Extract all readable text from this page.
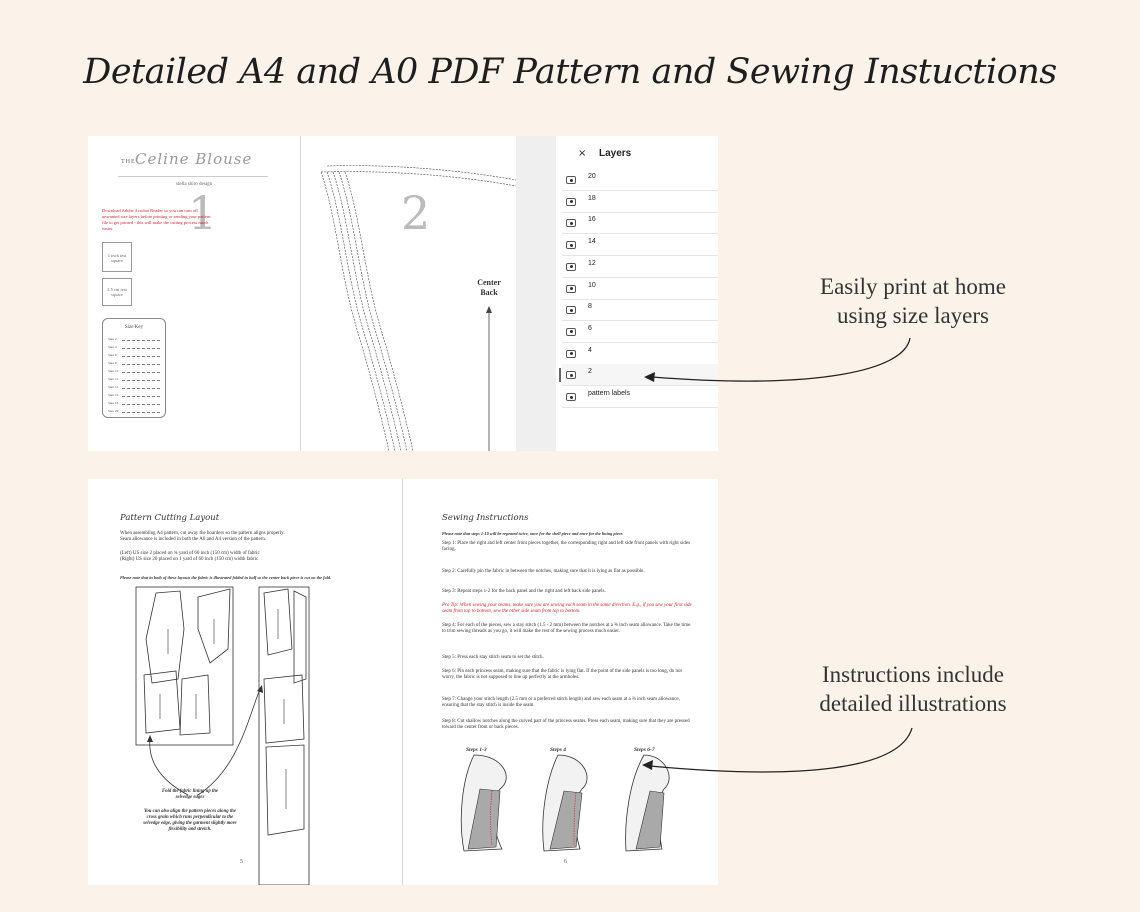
Detailed A4 and A0 PDF Pattern and Sewing Instuctions
THE Celine Blouse
stella shiro design
1
Download Adobe Acrobat Reader so you can turn off unwanted size layers before printing or sending your pattern file to get printed - this will make the cutting process much easier.
1 inch test square
2.5 cm test square
Size Key
Size 2
Size 4
Size 6
Size 8
Size 10
Size 12
Size 14
Size 16
Size 18
Size 20
2
Center Back
× Layers
20
18
16
14
12
10
8
6
4
2
pattern labels
Pattern Cutting Layout
When assembling A4 pattern, cut away the boarders so the pattern aligns properly.
Seam allowance is included in both the A0 and A4 version of the pattern.
(Left) US size 2 placed on ¾ yard of 60 inch (150 cm) width of fabric
(Right) US size 20 placed on 1 yard of 60 inch (150 cm) width fabric
Please note that in both of these layouts the fabric is illustrated folded in half so the center back piece is cut on the fold.
Fold the fabric lining up the selvedge edges
You can also align the pattern pieces along the cross grain which runs perpendicular to the selvedge edge, giving the garment slightly more flexibility and stretch.
5
Sewing Instructions
Please note that steps 1-10 will be repeated twice, once for the shell piece and once for the lining piece.
Step 1: Place the right and left center front pieces together, the corresponding right and left side front panels with right sides facing.
Step 2: Carefully pin the fabric in between the notches, making sure that it is lying as flat as possible.
Step 3: Repeat steps 1-2 for the back panel and the right and left back side panels.
Pro Tip: When sewing your seams, make sure you are sewing each seam in the same direction. E.g., if you sew your first side seam from top to bottom, sew the other side seam from top to bottom.
Step 4: For each of the pieces, sew a stay stitch (1.5 - 2 mm) between the notches at a ⅜ inch seam allowance. Take the time to trim sewing threads as you go, it will make the rest of the sewing process much easier.
Step 5: Press each stay stitch seam to set the stitch.
Step 6: Pin each princess seam, making sure that the fabric is lying flat. If the point of the side panels is too long, do not worry, the fabric is not supposed to line up perfectly at the armholes.
Step 7: Change your stitch length (2.5 mm or a preferred stitch length) and sew each seam at a ⅜ inch seam allowance, ensuring that the stay stitch is inside the seam.
Step 8: Cut shallow notches along the curved part of the princess seams. Press each seam, making sure that they are pressed toward the center front or back pieces.
Steps 1-3	Steps 4	Steps 6-7
6
Easily print at home using size layers
Instructions include detailed illustrations
